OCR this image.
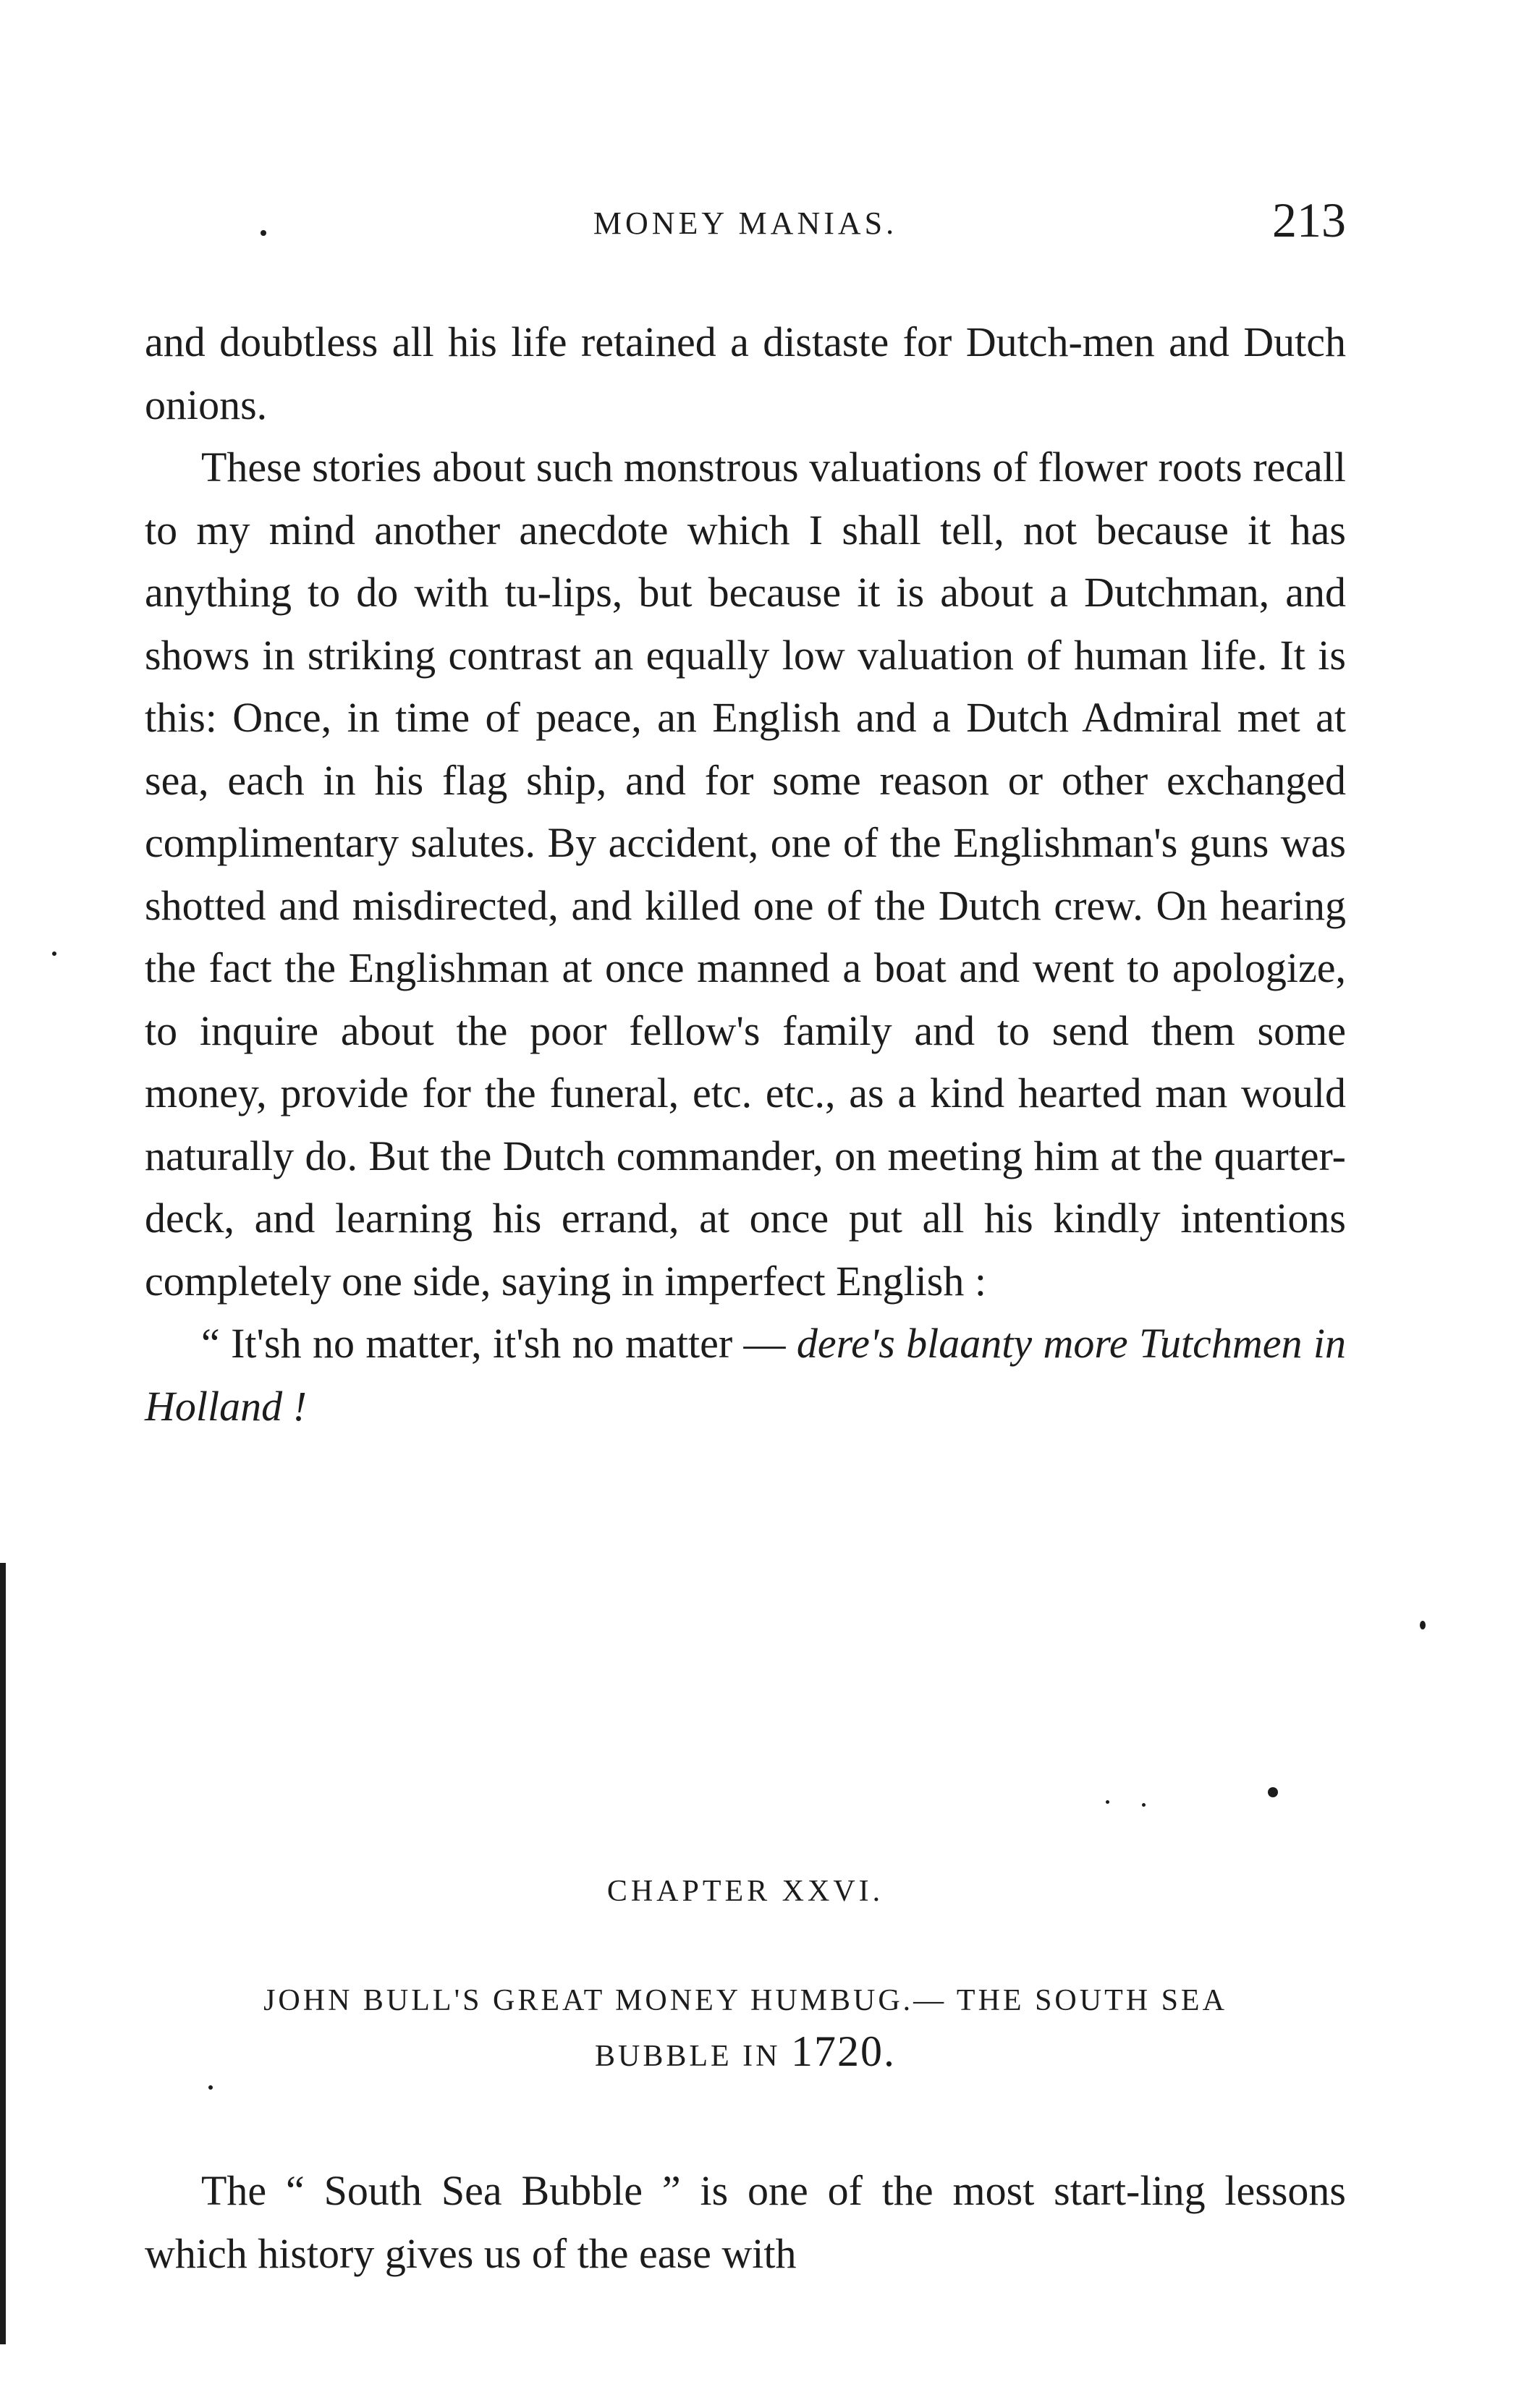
MONEY MANIAS.	213

and doubtless all his life retained a distaste for Dutch-men and Dutch onions.

These stories about such monstrous valuations of flower roots recall to my mind another anecdote which I shall tell, not because it has anything to do with tu-lips, but because it is about a Dutchman, and shows in striking contrast an equally low valuation of human life. It is this: Once, in time of peace, an English and a Dutch Admiral met at sea, each in his flag ship, and for some reason or other exchanged complimentary salutes. By accident, one of the Englishman's guns was shotted and misdirected, and killed one of the Dutch crew. On hearing the fact the Englishman at once manned a boat and went to apologize, to inquire about the poor fellow's family and to send them some money, provide for the funeral, etc. etc., as a kind hearted man would naturally do. But the Dutch commander, on meeting him at the quarter-deck, and learning his errand, at once put all his kindly intentions completely one side, saying in imperfect English :

“ It'sh no matter, it'sh no matter — dere's blaanty more Tutchmen in Holland !

CHAPTER XXVI.
JOHN BULL'S GREAT MONEY HUMBUG.— THE SOUTH SEA
BUBBLE IN 1720.

The “ South Sea Bubble ” is one of the most start-ling lessons which history gives us of the ease with
